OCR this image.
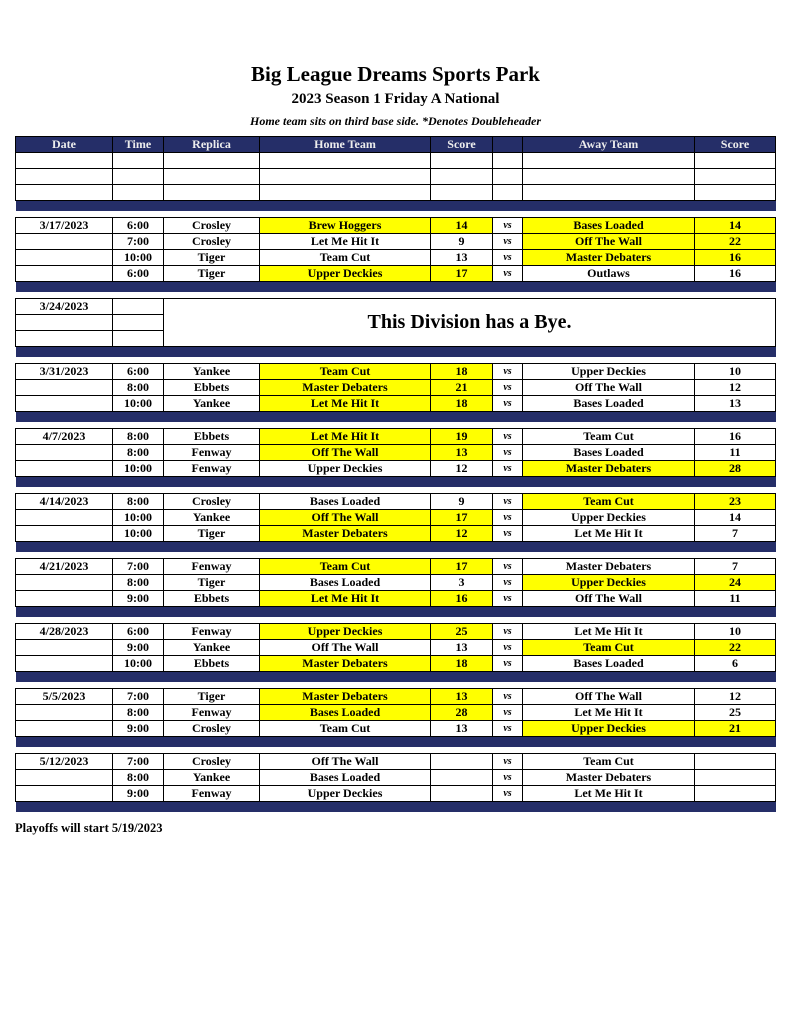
Big League Dreams Sports Park
2023 Season 1 Friday A National
Home team sits on third base side. *Denotes Doubleheader
Date	Time	Replica	Home Team	Score		Away Team	Score

3/17/2023	6:00	Crosley	Brew Hoggers	14	vs	Bases Loaded	14
	7:00	Crosley	Let Me Hit It	9	vs	Off The Wall	22
	10:00	Tiger	Team Cut	13	vs	Master Debaters	16
	6:00	Tiger	Upper Deckies	17	vs	Outlaws	16

3/24/2023		This Division has a Bye.					

3/31/2023	6:00	Yankee	Team Cut	18	vs	Upper Deckies	10
	8:00	Ebbets	Master Debaters	21	vs	Off The Wall	12
	10:00	Yankee	Let Me Hit It	18	vs	Bases Loaded	13

4/7/2023	8:00	Ebbets	Let Me Hit It	19	vs	Team Cut	16
	8:00	Fenway	Off The Wall	13	vs	Bases Loaded	11
	10:00	Fenway	Upper Deckies	12	vs	Master Debaters	28

4/14/2023	8:00	Crosley	Bases Loaded	9	vs	Team Cut	23
	10:00	Yankee	Off The Wall	17	vs	Upper Deckies	14
	10:00	Tiger	Master Debaters	12	vs	Let Me Hit It	7

4/21/2023	7:00	Fenway	Team Cut	17	vs	Master Debaters	7
	8:00	Tiger	Bases Loaded	3	vs	Upper Deckies	24
	9:00	Ebbets	Let Me Hit It	16	vs	Off The Wall	11

4/28/2023	6:00	Fenway	Upper Deckies	25	vs	Let Me Hit It	10
	9:00	Yankee	Off The Wall	13	vs	Team Cut	22
	10:00	Ebbets	Master Debaters	18	vs	Bases Loaded	6

5/5/2023	7:00	Tiger	Master Debaters	13	vs	Off The Wall	12
	8:00	Fenway	Bases Loaded	28	vs	Let Me Hit It	25
	9:00	Crosley	Team Cut	13	vs	Upper Deckies	21

5/12/2023	7:00	Crosley	Off The Wall		vs	Team Cut	
	8:00	Yankee	Bases Loaded		vs	Master Debaters	
	9:00	Fenway	Upper Deckies		vs	Let Me Hit It	

Playoffs will start 5/19/2023
